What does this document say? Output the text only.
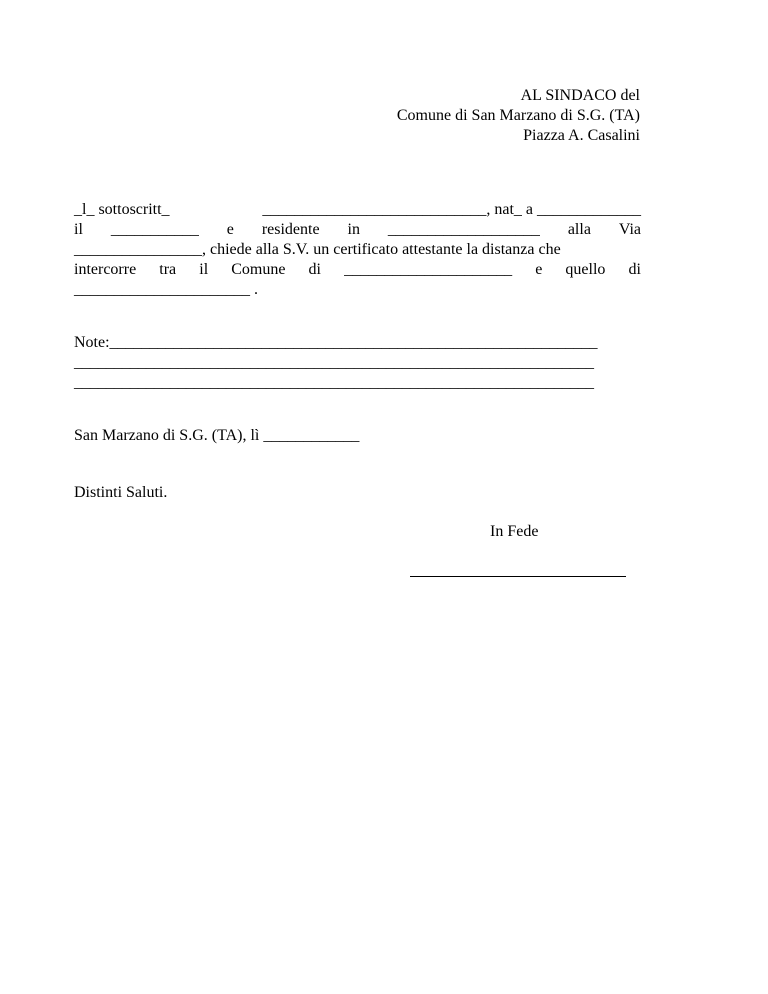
AL SINDACO del
Comune di San Marzano di S.G. (TA)
Piazza A. Casalini
_l_ sottoscritt_	____________________________, nat_ a _____________
il ___________ e residente in ___________________ alla Via
________________, chiede alla S.V. un certificato attestante la distanza che
intercorre tra il Comune di _____________________ e quello di
______________________ .
Note:_____________________________________________________________
_________________________________________________________________
_________________________________________________________________
San Marzano di S.G. (TA), lì ____________
Distinti Saluti.
In Fede
